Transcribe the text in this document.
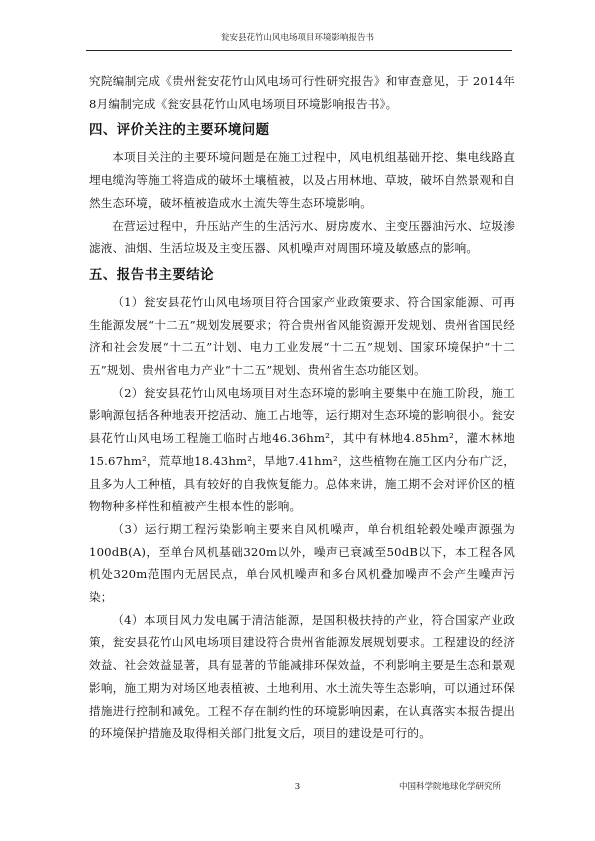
瓮安县花竹山风电场项目环境影响报告书

究院编制完成《贵州瓮安花竹山风电场可行性研究报告》和审查意见，于 2014年8月编制完成《瓮安县花竹山风电场项目环境影响报告书》。

四、评价关注的主要环境问题

本项目关注的主要环境问题是在施工过程中，风电机组基础开挖、集电线路直埋电缆沟等施工将造成的破坏土壤植被，以及占用林地、草坡，破坏自然景观和自然生态环境，破坏植被造成水土流失等生态环境影响。

在营运过程中，升压站产生的生活污水、厨房废水、主变压器油污水、垃圾渗滤液、油烟、生活垃圾及主变压器、风机噪声对周围环境及敏感点的影响。

五、报告书主要结论

（1）瓮安县花竹山风电场项目符合国家产业政策要求、符合国家能源、可再生能源发展“十二五”规划发展要求；符合贵州省风能资源开发规划、贵州省国民经济和社会发展“十二五”计划、电力工业发展“十二五”规划、国家环境保护“十二五”规划、贵州省电力产业“十二五”规划、贵州省生态功能区划。

（2）瓮安县花竹山风电场项目对生态环境的影响主要集中在施工阶段，施工影响源包括各种地表开挖活动、施工占地等，运行期对生态环境的影响很小。瓮安县花竹山风电场工程施工临时占地46.36hm²，其中有林地4.85hm²，灌木林地15.67hm²，荒草地18.43hm²，旱地7.41hm²，这些植物在施工区内分布广泛，且多为人工种植，具有较好的自我恢复能力。总体来讲，施工期不会对评价区的植物物种多样性和植被产生根本性的影响。

（3）运行期工程污染影响主要来自风机噪声，单台机组轮毂处噪声源强为100dB(A)，至单台风机基础320m以外，噪声已衰减至50dB以下，本工程各风机处320m范围内无居民点，单台风机噪声和多台风机叠加噪声不会产生噪声污染；

（4）本项目风力发电属于清洁能源，是国积极扶持的产业，符合国家产业政策，瓮安县花竹山风电场项目建设符合贵州省能源发展规划要求。工程建设的经济效益、社会效益显著，具有显著的节能减排环保效益，不利影响主要是生态和景观影响，施工期为对场区地表植被、土地利用、水土流失等生态影响，可以通过环保措施进行控制和减免。工程不存在制约性的环境影响因素，在认真落实本报告提出的环境保护措施及取得相关部门批复文后，项目的建设是可行的。

3	中国科学院地球化学研究所
